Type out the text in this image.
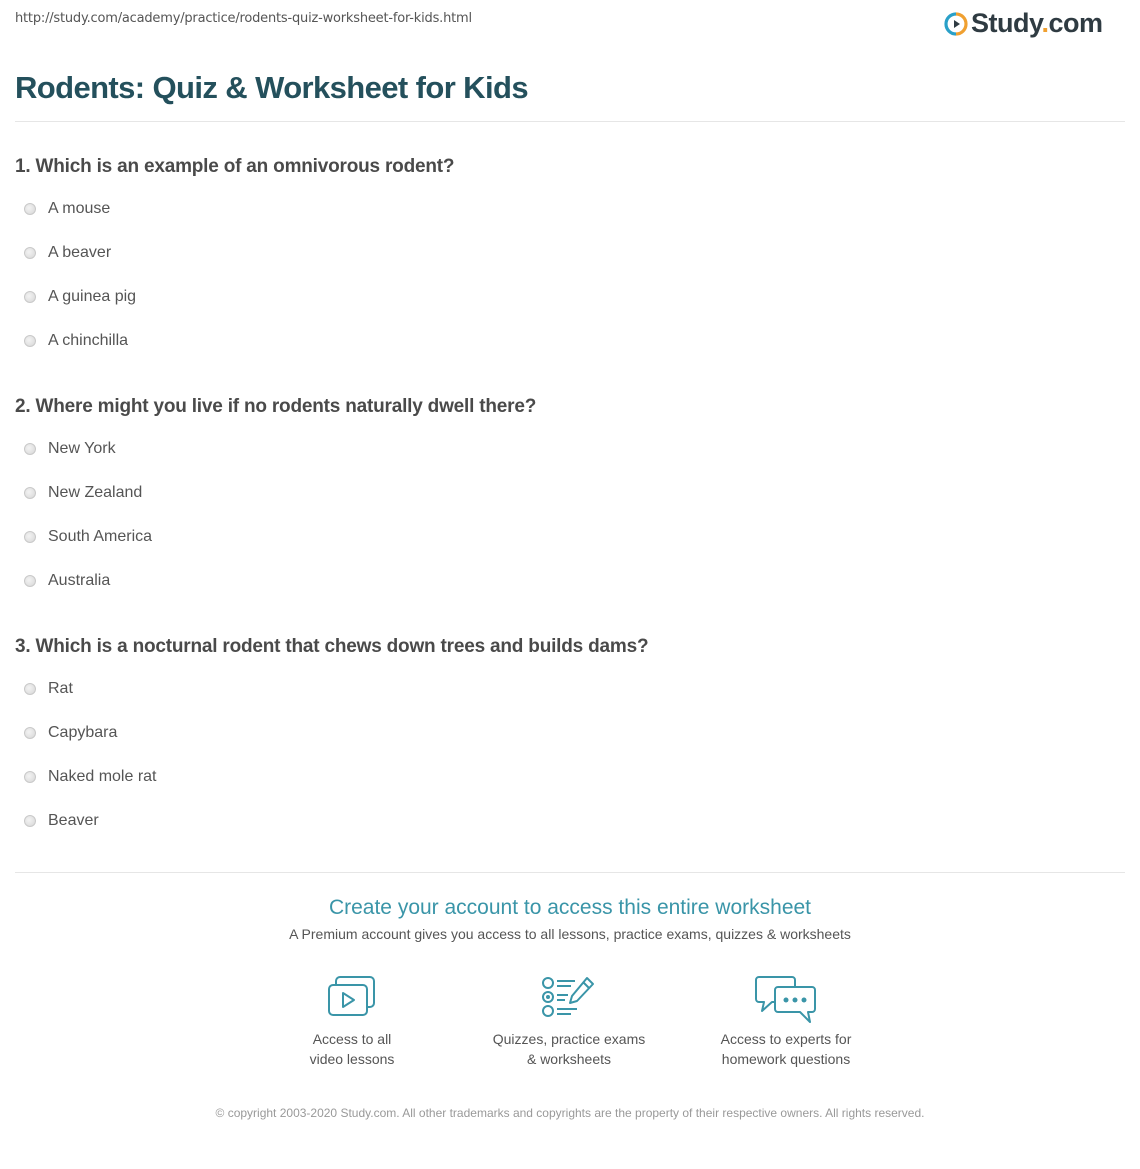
http://study.com/academy/practice/rodents-quiz-worksheet-for-kids.html	Study.com
Rodents: Quiz & Worksheet for Kids
1. Which is an example of an omnivorous rodent?
A mouse
A beaver
A guinea pig
A chinchilla
2. Where might you live if no rodents naturally dwell there?
New York
New Zealand
South America
Australia
3. Which is a nocturnal rodent that chews down trees and builds dams?
Rat
Capybara
Naked mole rat
Beaver
Create your account to access this entire worksheet
A Premium account gives you access to all lessons, practice exams, quizzes & worksheets
Access to all
video lessons
Quizzes, practice exams
& worksheets
Access to experts for
homework questions
© copyright 2003-2020 Study.com. All other trademarks and copyrights are the property of their respective owners. All rights reserved.
